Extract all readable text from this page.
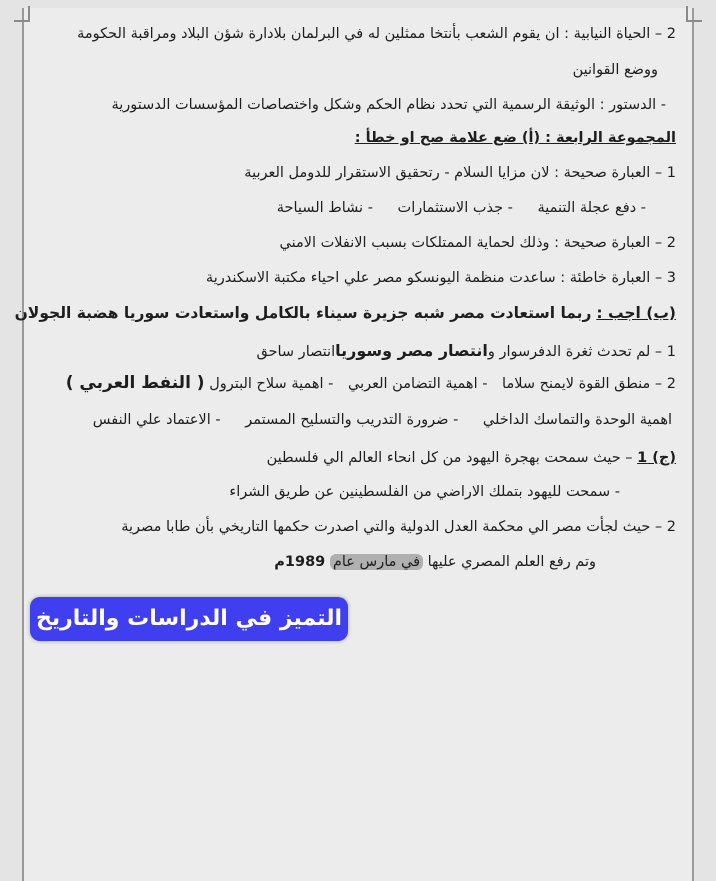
2 – الحياة النيابية : ان يقوم الشعب بأنتخا ممثلين له في البرلمان بلادارة شؤن البلاد ومراقبة الحكومة
ووضع القوانين
- الدستور : الوثيقة الرسمية التي تحدد نظام الحكم وشكل واختصاصات المؤسسات الدستورية
المجموعة الرابعة : (أ) ضع علامة صح او خطأ :
1 – العبارة صحيحة : لان مزايا السلام - رتحقيق الاستقرار للدومل العربية
- دفع عجلة التنمية - جذب الاستثمارات - نشاط السياحة
2 – العبارة صحيحة : وذلك لحماية الممتلكات بسبب الانفلات الامني
3 – العبارة خاطئة : ساعدت منظمة اليونسكو مصر علي احياء مكتبة الاسكندرية
(ب) اجب : ربما استعادت مصر شبه جزيرة سيناء بالكامل واستعادت سوريا هضبة الجولان
1 – لم تحدث ثغرة الدفرسوار وانتصار مصر وسورياانتصار ساحق
2 – منطق القوة لايمنح سلاما - اهمية التضامن العربي - اهمية سلاح البترول ( النفط العربي )
اهمية الوحدة والتماسك الداخلي - ضرورة التدريب والتسليح المستمر - الاعتماد علي النفس
(ج) 1 – حيث سمحت بهجرة اليهود من كل انحاء العالم الي فلسطين
- سمحت لليهود بتملك الاراضي من الفلسطينين عن طريق الشراء
2 – حيث لجأت مصر الي محكمة العدل الدولية والتي اصدرت حكمها التاريخي بأن طابا مصرية
وتم رفع العلم المصري عليها في مارس عام 1989م
التميز في الدراسات والتاريخ
